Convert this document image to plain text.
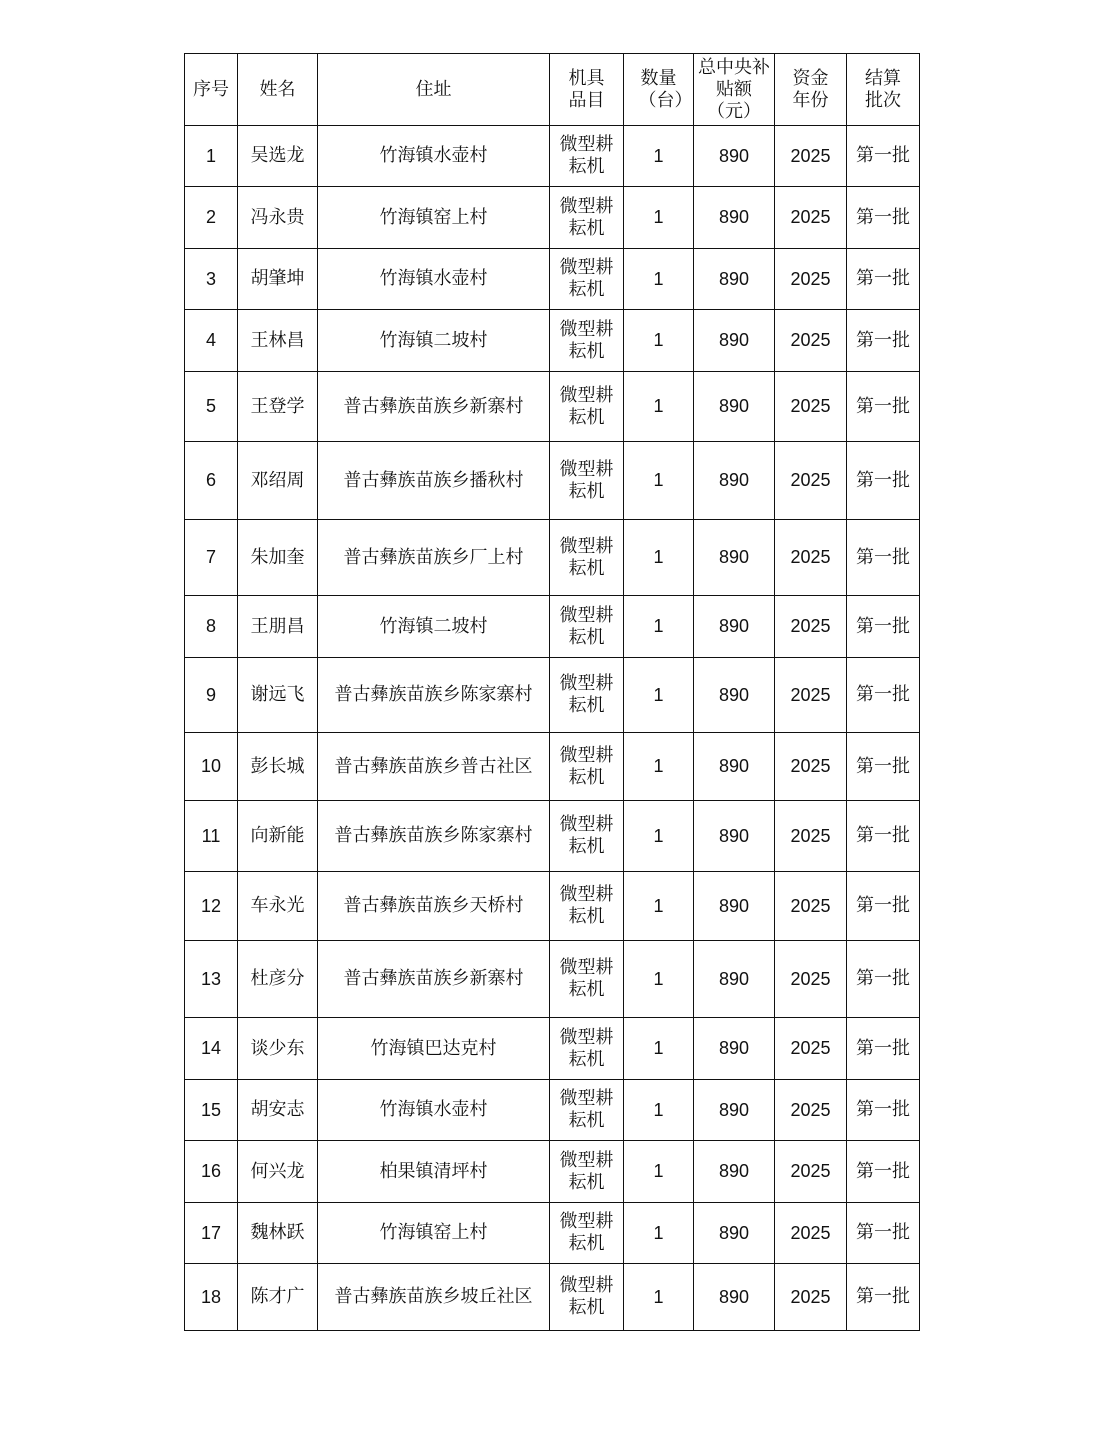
序号	姓名	住址	机具品目	数量（台）	总中央补贴额（元）	资金年份	结算批次
1	吴选龙	竹海镇水壶村	微型耕耘机	1	890	2025	第一批
2	冯永贵	竹海镇窑上村	微型耕耘机	1	890	2025	第一批
3	胡肇坤	竹海镇水壶村	微型耕耘机	1	890	2025	第一批
4	王林昌	竹海镇二坡村	微型耕耘机	1	890	2025	第一批
5	王登学	普古彝族苗族乡新寨村	微型耕耘机	1	890	2025	第一批
6	邓绍周	普古彝族苗族乡播秋村	微型耕耘机	1	890	2025	第一批
7	朱加奎	普古彝族苗族乡厂上村	微型耕耘机	1	890	2025	第一批
8	王朋昌	竹海镇二坡村	微型耕耘机	1	890	2025	第一批
9	谢远飞	普古彝族苗族乡陈家寨村	微型耕耘机	1	890	2025	第一批
10	彭长城	普古彝族苗族乡普古社区	微型耕耘机	1	890	2025	第一批
11	向新能	普古彝族苗族乡陈家寨村	微型耕耘机	1	890	2025	第一批
12	车永光	普古彝族苗族乡天桥村	微型耕耘机	1	890	2025	第一批
13	杜彦分	普古彝族苗族乡新寨村	微型耕耘机	1	890	2025	第一批
14	谈少东	竹海镇巴达克村	微型耕耘机	1	890	2025	第一批
15	胡安志	竹海镇水壶村	微型耕耘机	1	890	2025	第一批
16	何兴龙	柏果镇清坪村	微型耕耘机	1	890	2025	第一批
17	魏林跃	竹海镇窑上村	微型耕耘机	1	890	2025	第一批
18	陈才广	普古彝族苗族乡坡丘社区	微型耕耘机	1	890	2025	第一批
